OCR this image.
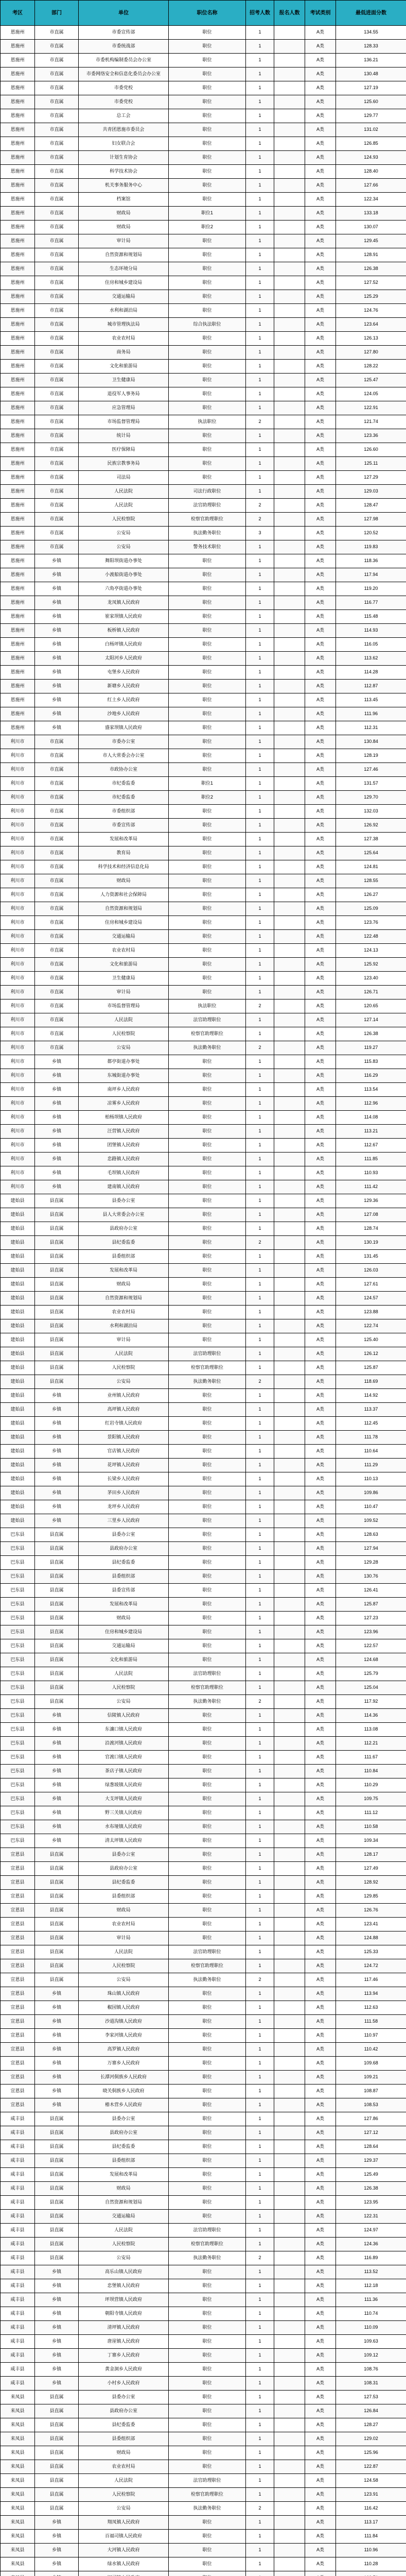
考区	部门	单位	职位名称	招考人数	报名人数	考试类别	最低进面分数
恩施州	市直属	市委宣传部	职位	1		A类	134.55
恩施州	市直属	市委统战部	职位	1		A类	128.33
恩施州	市直属	市委机构编制委员会办公室	职位	1		A类	136.21
恩施州	市直属	市委网络安全和信息化委员会办公室	职位	1		A类	130.48
恩施州	市直属	市委党校	职位	1		A类	127.19
恩施州	市直属	市委党校	职位	1		A类	125.60
恩施州	市直属	总工会	职位	1		A类	129.77
恩施州	市直属	共青团恩施市委员会	职位	1		A类	131.02
恩施州	市直属	妇女联合会	职位	1		A类	126.85
恩施州	市直属	计划生育协会	职位	1		A类	124.93
恩施州	市直属	科学技术协会	职位	1		A类	128.40
恩施州	市直属	机关事务服务中心	职位	1		A类	127.66
恩施州	市直属	档案馆	职位	1		A类	122.34
恩施州	市直属	财政局	职位1	1		A类	133.18
恩施州	市直属	财政局	职位2	1		A类	130.07
恩施州	市直属	审计局	职位	1		A类	129.45
恩施州	市直属	自然资源和规划局	职位	1		A类	128.91
恩施州	市直属	生态环境分局	职位	1		A类	126.38
恩施州	市直属	住房和城乡建设局	职位	1		A类	127.52
恩施州	市直属	交通运输局	职位	1		A类	125.29
恩施州	市直属	水利和湖泊局	职位	1		A类	124.76
恩施州	市直属	城市管理执法局	综合执法职位	1		A类	123.64
恩施州	市直属	农业农村局	职位	1		A类	126.13
恩施州	市直属	商务局	职位	1		A类	127.80
恩施州	市直属	文化和旅游局	职位	1		A类	128.22
恩施州	市直属	卫生健康局	职位	1		A类	125.47
恩施州	市直属	退役军人事务局	职位	1		A类	124.05
恩施州	市直属	应急管理局	职位	1		A类	122.91
恩施州	市直属	市场监督管理局	执法职位	2		A类	121.74
恩施州	市直属	统计局	职位	1		A类	123.36
恩施州	市直属	医疗保障局	职位	1		A类	126.60
恩施州	市直属	民族宗教事务局	职位	1		A类	125.11
恩施州	市直属	司法局	职位	1		A类	127.29
恩施州	市直属	人民法院	司法行政职位	1		A类	129.03
恩施州	市直属	人民法院	法官助理职位	2		A类	128.47
恩施州	市直属	人民检察院	检察官助理职位	2		A类	127.98
恩施州	市直属	公安局	执法勤务职位	3		A类	120.52
恩施州	市直属	公安局	警务技术职位	1		A类	119.83
恩施州	乡镇	舞阳坝街道办事处	职位	1		A类	118.36
恩施州	乡镇	小渡船街道办事处	职位	1		A类	117.94
恩施州	乡镇	六角亭街道办事处	职位	1		A类	119.20
恩施州	乡镇	龙凤镇人民政府	职位	1		A类	116.77
恩施州	乡镇	崔家坝镇人民政府	职位	1		A类	115.48
恩施州	乡镇	板桥镇人民政府	职位	1		A类	114.93
恩施州	乡镇	白杨坪镇人民政府	职位	1		A类	116.05
恩施州	乡镇	太阳河乡人民政府	职位	1		A类	113.62
恩施州	乡镇	屯堡乡人民政府	职位	1		A类	114.28
恩施州	乡镇	新塘乡人民政府	职位	1		A类	112.87
恩施州	乡镇	红土乡人民政府	职位	1		A类	113.45
恩施州	乡镇	沙地乡人民政府	职位	1		A类	111.96
恩施州	乡镇	盛家坝镇人民政府	职位	1		A类	112.31
利川市	市直属	市委办公室	职位	1		A类	130.84
利川市	市直属	市人大常委会办公室	职位	1		A类	128.19
利川市	市直属	市政协办公室	职位	1		A类	127.46
利川市	市直属	市纪委监委	职位1	1		A类	131.57
利川市	市直属	市纪委监委	职位2	1		A类	129.70
利川市	市直属	市委组织部	职位	1		A类	132.03
利川市	市直属	市委宣传部	职位	1		A类	126.92
利川市	市直属	发展和改革局	职位	1		A类	127.38
利川市	市直属	教育局	职位	1		A类	125.64
利川市	市直属	科学技术和经济信息化局	职位	1		A类	124.81
利川市	市直属	财政局	职位	1		A类	128.55
利川市	市直属	人力资源和社会保障局	职位	1		A类	126.27
利川市	市直属	自然资源和规划局	职位	1		A类	125.09
利川市	市直属	住房和城乡建设局	职位	1		A类	123.76
利川市	市直属	交通运输局	职位	1		A类	122.48
利川市	市直属	农业农村局	职位	1		A类	124.13
利川市	市直属	文化和旅游局	职位	1		A类	125.92
利川市	市直属	卫生健康局	职位	1		A类	123.40
利川市	市直属	审计局	职位	1		A类	126.71
利川市	市直属	市场监督管理局	执法职位	2		A类	120.65
利川市	市直属	人民法院	法官助理职位	1		A类	127.14
利川市	市直属	人民检察院	检察官助理职位	1		A类	126.38
利川市	市直属	公安局	执法勤务职位	2		A类	119.27
利川市	乡镇	都亭街道办事处	职位	1		A类	115.83
利川市	乡镇	东城街道办事处	职位	1		A类	116.29
利川市	乡镇	南坪乡人民政府	职位	1		A类	113.54
利川市	乡镇	凉雾乡人民政府	职位	1		A类	112.96
利川市	乡镇	柏杨坝镇人民政府	职位	1		A类	114.08
利川市	乡镇	汪营镇人民政府	职位	1		A类	113.21
利川市	乡镇	团堡镇人民政府	职位	1		A类	112.67
利川市	乡镇	忠路镇人民政府	职位	1		A类	111.85
利川市	乡镇	毛坝镇人民政府	职位	1		A类	110.93
利川市	乡镇	建南镇人民政府	职位	1		A类	111.42
建始县	县直属	县委办公室	职位	1		A类	129.36
建始县	县直属	县人大常委会办公室	职位	1		A类	127.08
建始县	县直属	县政府办公室	职位	1		A类	128.74
建始县	县直属	县纪委监委	职位	2		A类	130.19
建始县	县直属	县委组织部	职位	1		A类	131.45
建始县	县直属	发展和改革局	职位	1		A类	126.03
建始县	县直属	财政局	职位	1		A类	127.61
建始县	县直属	自然资源和规划局	职位	1		A类	124.57
建始县	县直属	农业农村局	职位	1		A类	123.88
建始县	县直属	水利和湖泊局	职位	1		A类	122.74
建始县	县直属	审计局	职位	1		A类	125.40
建始县	县直属	人民法院	法官助理职位	1		A类	126.12
建始县	县直属	人民检察院	检察官助理职位	1		A类	125.87
建始县	县直属	公安局	执法勤务职位	2		A类	118.69
建始县	乡镇	业州镇人民政府	职位	1		A类	114.92
建始县	乡镇	高坪镇人民政府	职位	1		A类	113.37
建始县	乡镇	红岩寺镇人民政府	职位	1		A类	112.45
建始县	乡镇	景阳镇人民政府	职位	1		A类	111.78
建始县	乡镇	官店镇人民政府	职位	1		A类	110.64
建始县	乡镇	花坪镇人民政府	职位	1		A类	111.29
建始县	乡镇	长梁乡人民政府	职位	1		A类	110.13
建始县	乡镇	茅田乡人民政府	职位	1		A类	109.86
建始县	乡镇	龙坪乡人民政府	职位	1		A类	110.47
建始县	乡镇	三里乡人民政府	职位	1		A类	109.52
巴东县	县直属	县委办公室	职位	1		A类	128.63
巴东县	县直属	县政府办公室	职位	1		A类	127.94
巴东县	县直属	县纪委监委	职位	1		A类	129.28
巴东县	县直属	县委组织部	职位	1		A类	130.76
巴东县	县直属	县委宣传部	职位	1		A类	126.41
巴东县	县直属	发展和改革局	职位	1		A类	125.87
巴东县	县直属	财政局	职位	1		A类	127.23
巴东县	县直属	住房和城乡建设局	职位	1		A类	123.96
巴东县	县直属	交通运输局	职位	1		A类	122.57
巴东县	县直属	文化和旅游局	职位	1		A类	124.68
巴东县	县直属	人民法院	法官助理职位	1		A类	125.79
巴东县	县直属	人民检察院	检察官助理职位	1		A类	125.04
巴东县	县直属	公安局	执法勤务职位	2		A类	117.92
巴东县	乡镇	信陵镇人民政府	职位	1		A类	114.36
巴东县	乡镇	东瀼口镇人民政府	职位	1		A类	113.08
巴东县	乡镇	沿渡河镇人民政府	职位	1		A类	112.21
巴东县	乡镇	官渡口镇人民政府	职位	1		A类	111.67
巴东县	乡镇	茶店子镇人民政府	职位	1		A类	110.84
巴东县	乡镇	绿葱坡镇人民政府	职位	1		A类	110.29
巴东县	乡镇	大支坪镇人民政府	职位	1		A类	109.75
巴东县	乡镇	野三关镇人民政府	职位	1		A类	111.12
巴东县	乡镇	水布垭镇人民政府	职位	1		A类	110.58
巴东县	乡镇	清太坪镇人民政府	职位	1		A类	109.34
宣恩县	县直属	县委办公室	职位	1		A类	128.17
宣恩县	县直属	县政府办公室	职位	1		A类	127.49
宣恩县	县直属	县纪委监委	职位	1		A类	128.92
宣恩县	县直属	县委组织部	职位	1		A类	129.85
宣恩县	县直属	财政局	职位	1		A类	126.76
宣恩县	县直属	农业农村局	职位	1		A类	123.41
宣恩县	县直属	审计局	职位	1		A类	124.88
宣恩县	县直属	人民法院	法官助理职位	1		A类	125.33
宣恩县	县直属	人民检察院	检察官助理职位	1		A类	124.72
宣恩县	县直属	公安局	执法勤务职位	2		A类	117.46
宣恩县	乡镇	珠山镇人民政府	职位	1		A类	113.94
宣恩县	乡镇	椒园镇人民政府	职位	1		A类	112.63
宣恩县	乡镇	沙道沟镇人民政府	职位	1		A类	111.58
宣恩县	乡镇	李家河镇人民政府	职位	1		A类	110.97
宣恩县	乡镇	高罗镇人民政府	职位	1		A类	110.42
宣恩县	乡镇	万寨乡人民政府	职位	1		A类	109.68
宣恩县	乡镇	长潭河侗族乡人民政府	职位	1		A类	109.21
宣恩县	乡镇	晓关侗族乡人民政府	职位	1		A类	108.87
宣恩县	乡镇	椿木营乡人民政府	职位	1		A类	108.53
咸丰县	县直属	县委办公室	职位	1		A类	127.86
咸丰县	县直属	县政府办公室	职位	1		A类	127.12
咸丰县	县直属	县纪委监委	职位	1		A类	128.64
咸丰县	县直属	县委组织部	职位	1		A类	129.37
咸丰县	县直属	发展和改革局	职位	1		A类	125.49
咸丰县	县直属	财政局	职位	1		A类	126.38
咸丰县	县直属	自然资源和规划局	职位	1		A类	123.95
咸丰县	县直属	交通运输局	职位	1		A类	122.31
咸丰县	县直属	人民法院	法官助理职位	1		A类	124.97
咸丰县	县直属	人民检察院	检察官助理职位	1		A类	124.36
咸丰县	县直属	公安局	执法勤务职位	2		A类	116.89
咸丰县	乡镇	高乐山镇人民政府	职位	1		A类	113.52
咸丰县	乡镇	忠堡镇人民政府	职位	1		A类	112.18
咸丰县	乡镇	坪坝营镇人民政府	职位	1		A类	111.36
咸丰县	乡镇	朝阳寺镇人民政府	职位	1		A类	110.74
咸丰县	乡镇	清坪镇人民政府	职位	1		A类	110.09
咸丰县	乡镇	唐崖镇人民政府	职位	1		A类	109.63
咸丰县	乡镇	丁寨乡人民政府	职位	1		A类	109.12
咸丰县	乡镇	黄金洞乡人民政府	职位	1		A类	108.76
咸丰县	乡镇	小村乡人民政府	职位	1		A类	108.31
来凤县	县直属	县委办公室	职位	1		A类	127.53
来凤县	县直属	县政府办公室	职位	1		A类	126.84
来凤县	县直属	县纪委监委	职位	1		A类	128.27
来凤县	县直属	县委组织部	职位	1		A类	129.02
来凤县	县直属	财政局	职位	1		A类	125.96
来凤县	县直属	农业农村局	职位	1		A类	122.87
来凤县	县直属	人民法院	法官助理职位	1		A类	124.58
来凤县	县直属	人民检察院	检察官助理职位	1		A类	123.91
来凤县	县直属	公安局	执法勤务职位	2		A类	116.42
来凤县	乡镇	翔凤镇人民政府	职位	1		A类	113.17
来凤县	乡镇	百福司镇人民政府	职位	1		A类	111.84
来凤县	乡镇	大河镇人民政府	职位	1		A类	110.96
来凤县	乡镇	绿水镇人民政府	职位	1		A类	110.28
